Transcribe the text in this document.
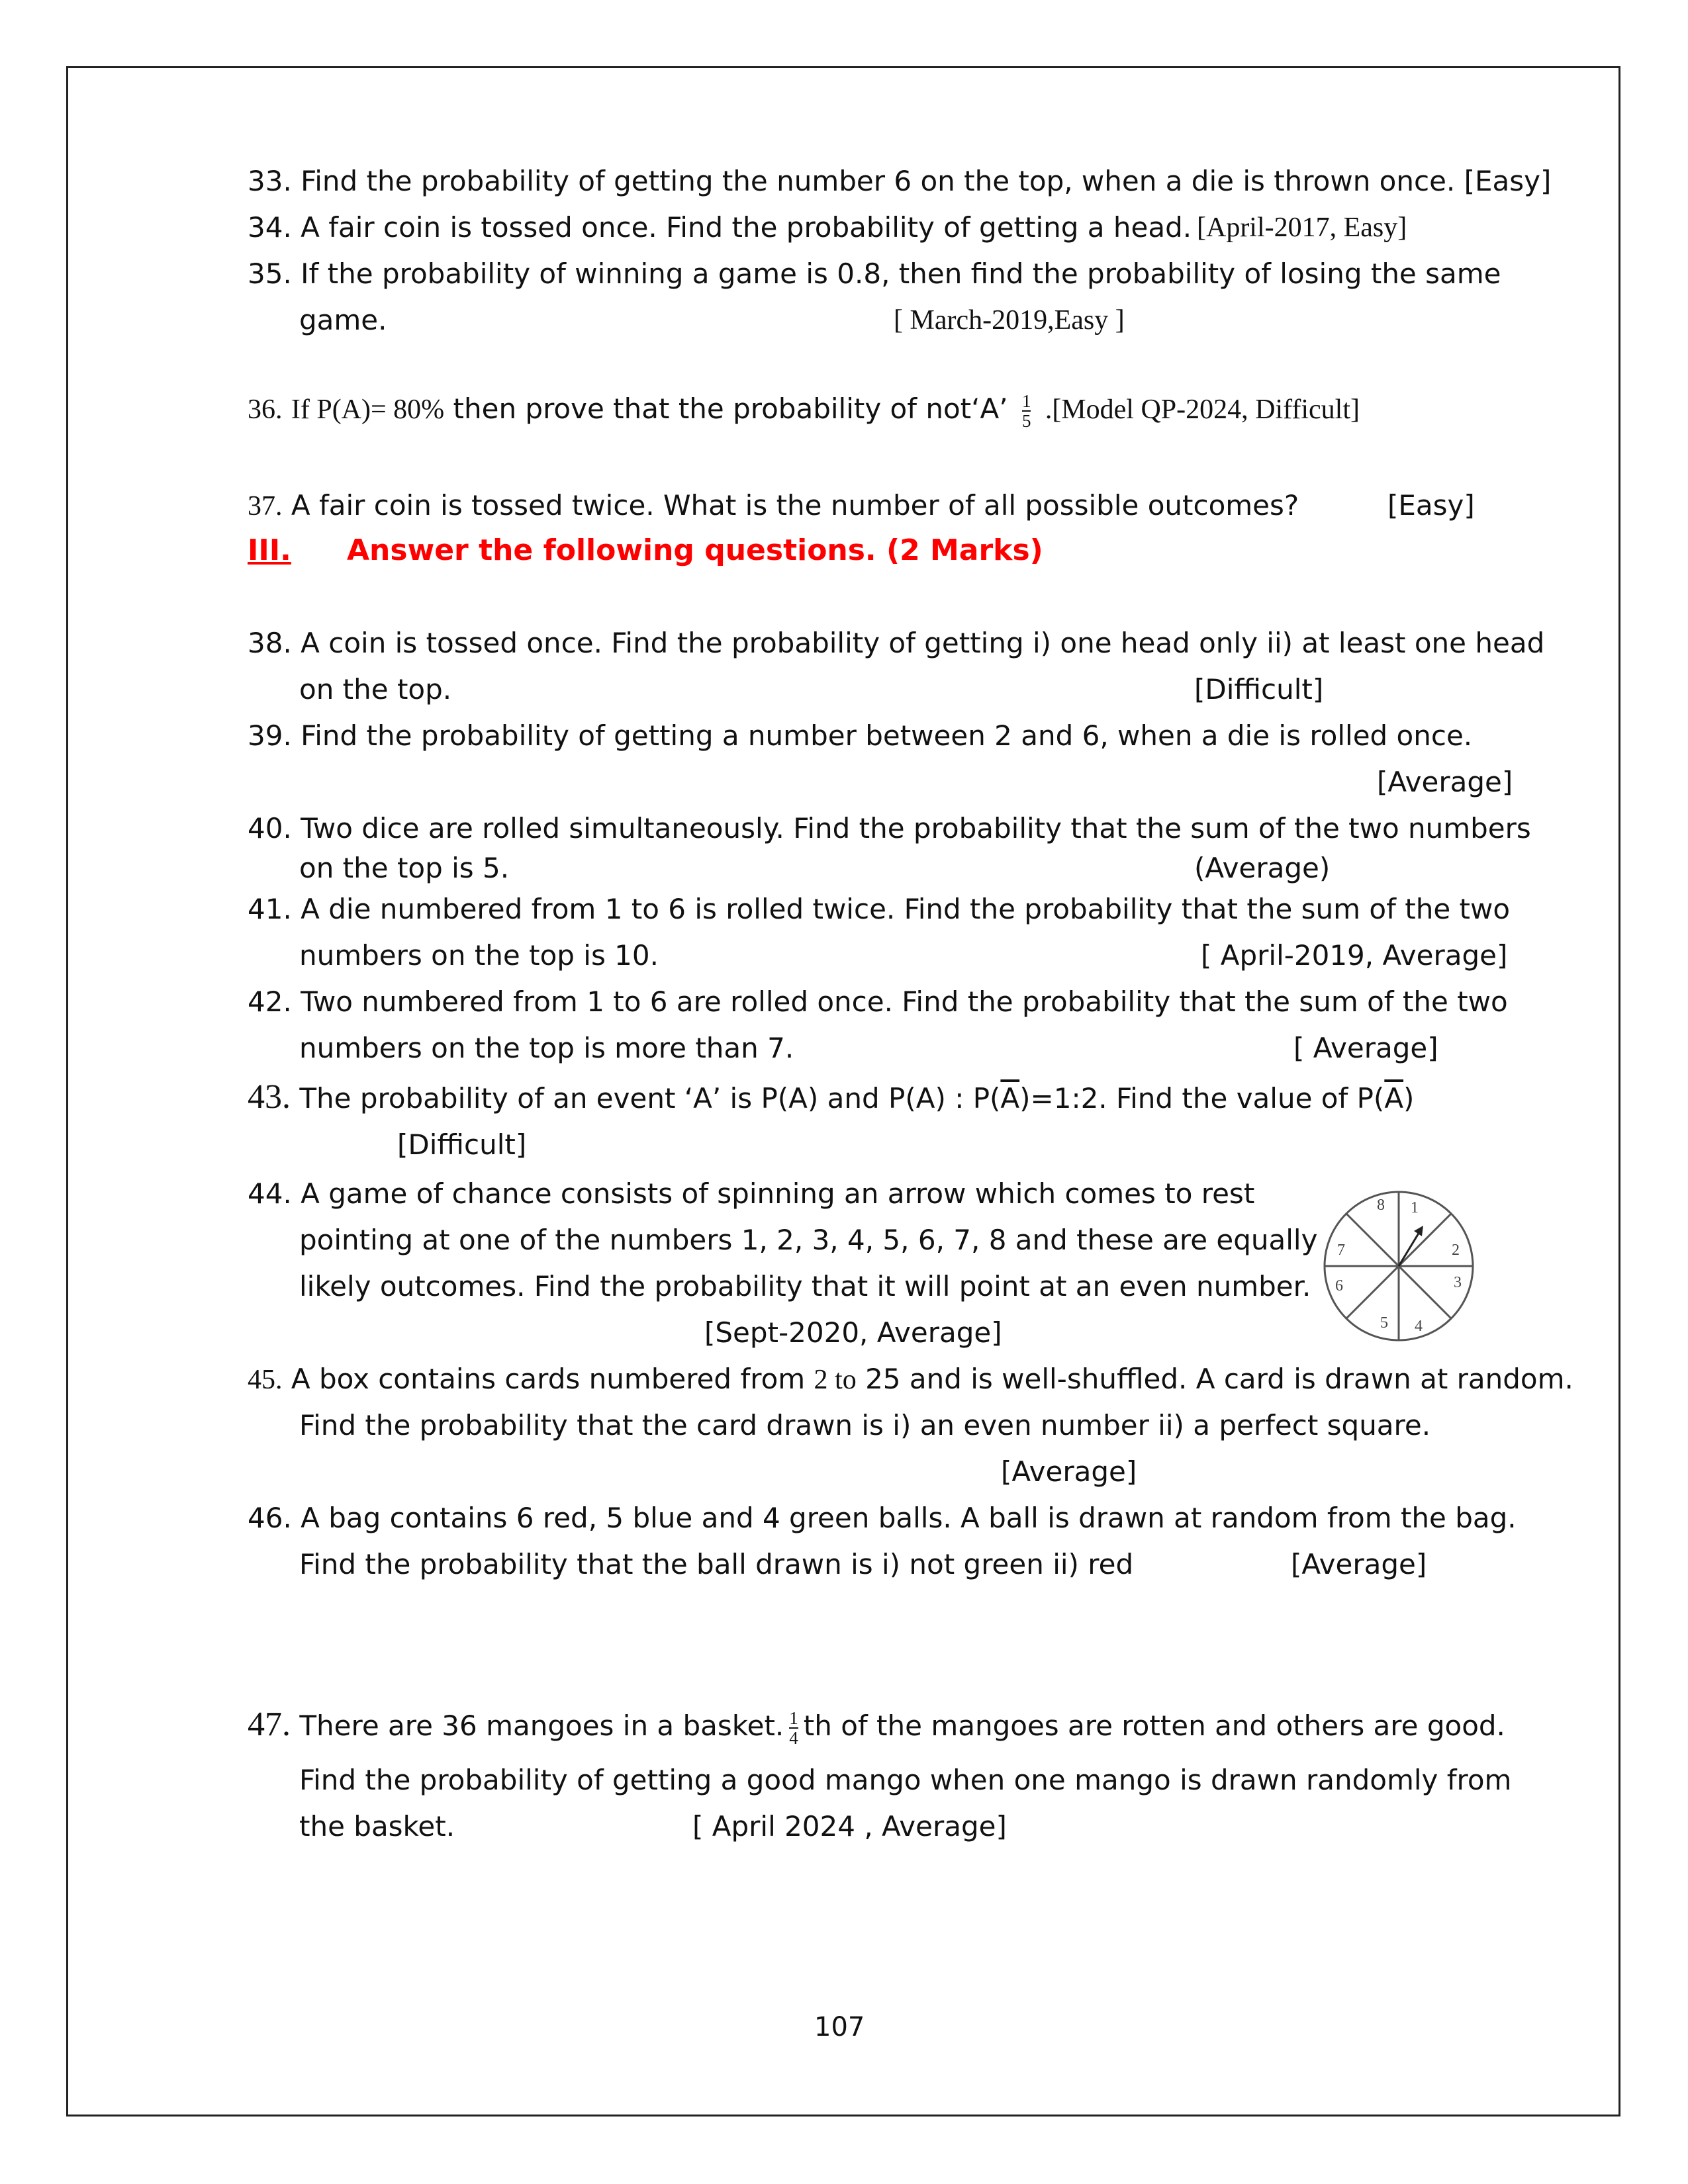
33. Find the probability of getting the number 6 on the top, when a die is thrown once. [Easy]
34. A fair coin is tossed once. Find the probability of getting a head. [April-2017, Easy]
35. If the probability of winning a game is 0.8, then find the probability of losing the same
game.	[ March-2019,Easy ]
36. If P(A)= 80% then prove that the probability of not‘A’ $\frac{1}{5}$ .[Model QP-2024, Difficult]
37. A fair coin is tossed twice. What is the number of all possible outcomes?	[Easy]
III. Answer the following questions. (2 Marks)
38. A coin is tossed once. Find the probability of getting i) one head only ii) at least one head
on the top.	[Difficult]
39. Find the probability of getting a number between 2 and 6, when a die is rolled once.
[Average]
40. Two dice are rolled simultaneously. Find the probability that the sum of the two numbers
on the top is 5.	(Average)
41. A die numbered from 1 to 6 is rolled twice. Find the probability that the sum of the two
numbers on the top is 10.	[ April-2019, Average]
42. Two numbered from 1 to 6 are rolled once. Find the probability that the sum of the two
numbers on the top is more than 7.	[ Average]
43. The probability of an event ‘A’ is P(A) and P(A) : $P(\overline{A})=1:2$. Find the value of $P(\overline{A})$
[Difficult]
44. A game of chance consists of spinning an arrow which comes to rest
pointing at one of the numbers 1, 2, 3, 4, 5, 6, 7, 8 and these are equally
likely outcomes. Find the probability that it will point at an even number.
[Sept-2020, Average]
1
2
3
4
5
6
7
8
45. A box contains cards numbered from 2 to 25 and is well-shuffled. A card is drawn at random.
Find the probability that the card drawn is i) an even number ii) a perfect square.
[Average]
46. A bag contains 6 red, 5 blue and 4 green balls. A ball is drawn at random from the bag.
Find the probability that the ball drawn is i) not green ii) red	[Average]
47. There are 36 mangoes in a basket. $\frac{1}{4}$ th of the mangoes are rotten and others are good.
Find the probability of getting a good mango when one mango is drawn randomly from
the basket.	[ April 2024 , Average]
107
